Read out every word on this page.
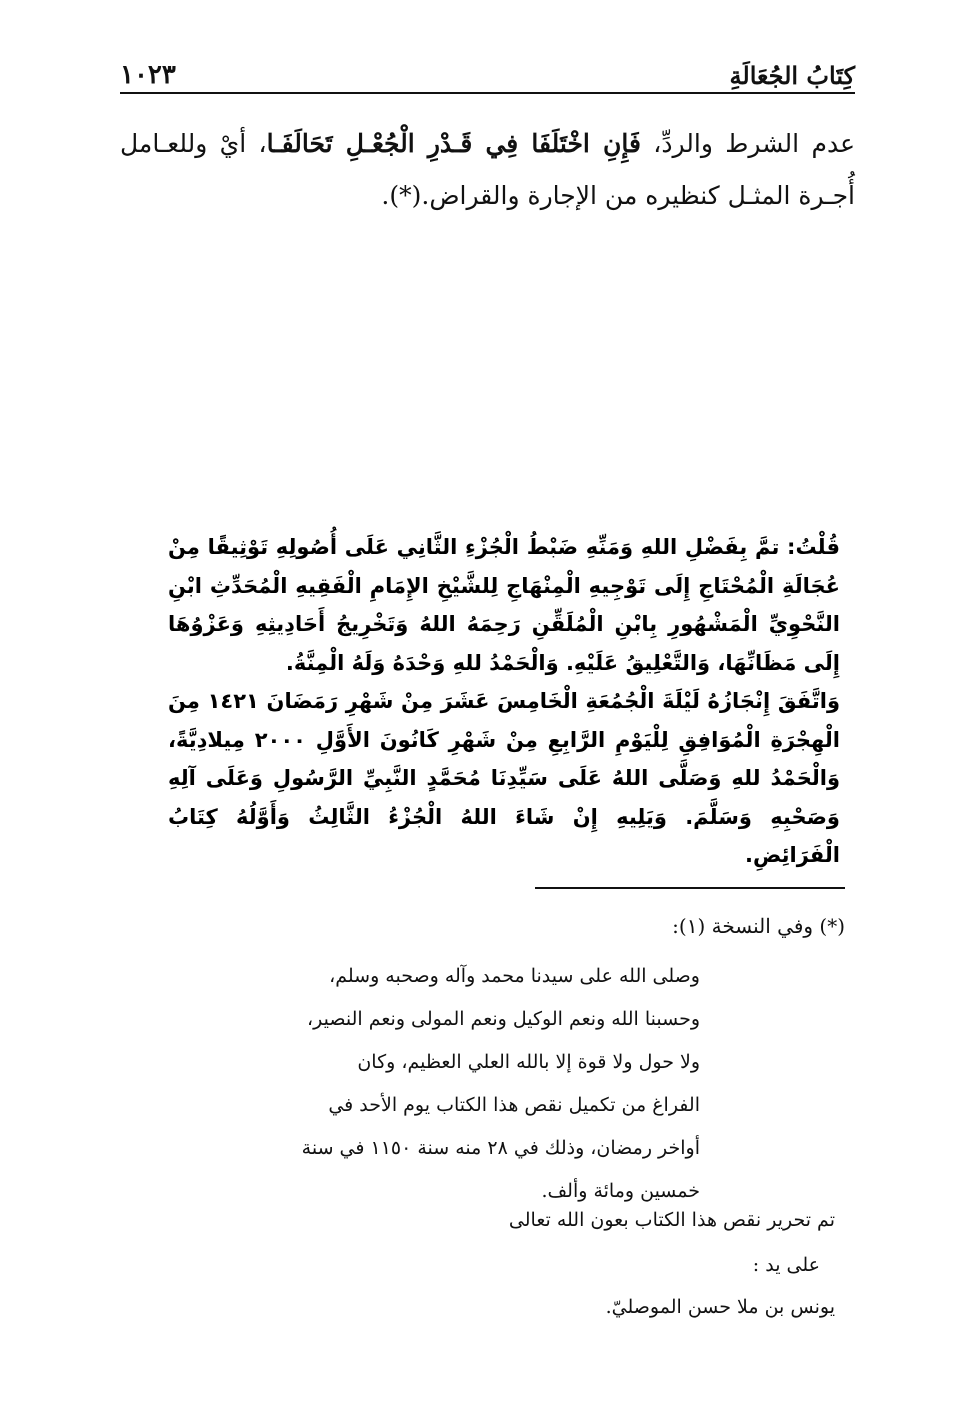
كِتَابُ الجُعَالَةِ
١٠٢٣
عدم الشرط والردِّ، فَإِنِ اخْتَلَفَا فِي قَـدْرِ الْجُعْـلِ تَحَالَفَـا، أيْ وللعـامل أُجـرة المثـل كنظيره من الإجارة والقراض.(*).

قُلْتُ: تمَّ بِفَضْلِ اللهِ وَمَنِّهِ ضَبْطُ الْجُزْءِ الثَّانِي عَلَى أُصُولِهِ تَوْثِيقًا مِنْ عُجَالَةِ الْمُحْتَاجِ إِلَى تَوْجِيهِ الْمِنْهَاجِ لِلشَّيْخِ الإِمَامِ الْفَقِيهِ الْمُحَدِّثِ ابْنِ النَّحْوِيِّ الْمَشْهُورِ بِابْنِ الْمُلَقِّنِ رَحِمَهُ اللهُ وَتَخْرِيجُ أَحَادِيثِهِ وَعَزْوُهَا إِلَى مَظَانِّهَا، وَالتَّعْلِيقُ عَلَيْهِ. وَالْحَمْدُ للهِ وَحْدَهُ وَلَهُ الْمِنَّةُ.

وَاتَّفَقَ إِنْجَازُهُ لَيْلَةَ الْجُمُعَةِ الْخَامِسَ عَشَرَ مِنْ شَهْرِ رَمَضَانَ ١٤٢١ مِنَ الْهِجْرَةِ الْمُوَافِقِ لِلْيَوْمِ الرَّابِعِ مِنْ شَهْرِ كَانُونَ الأَوَّلِ ٢٠٠٠ مِيلادِيَّةً، وَالْحَمْدُ للهِ وَصَلَّى اللهُ عَلَى سَيِّدِنَا مُحَمَّدٍ النَّبِيِّ الرَّسُولِ وَعَلَى آلِهِ وَصَحْبِهِ وَسَلَّمَ. وَيَلِيهِ إِنْ شَاءَ اللهُ الْجُزْءُ الثَّالِثُ وَأَوَّلُهُ كِتَابُ الْفَرَائِضِ.

(*) وفي النسخة (١):

وصلى الله على سيدنا محمد وآله وصحبه وسلم،

وحسبنا الله ونعم الوكيل ونعم المولى ونعم النصير،

ولا حول ولا قوة إلا بالله العلي العظيم، وكان

الفراغ من تكميل نقص هذا الكتاب يوم الأحد في

أواخر رمضان، وذلك في ٢٨ منه سنة ١١٥٠ في سنة

خمسين ومائة وألف.

تم تحرير نقص هذا الكتاب بعون الله تعالى
على يد :
يونس بن ملا حسن الموصليّ.
